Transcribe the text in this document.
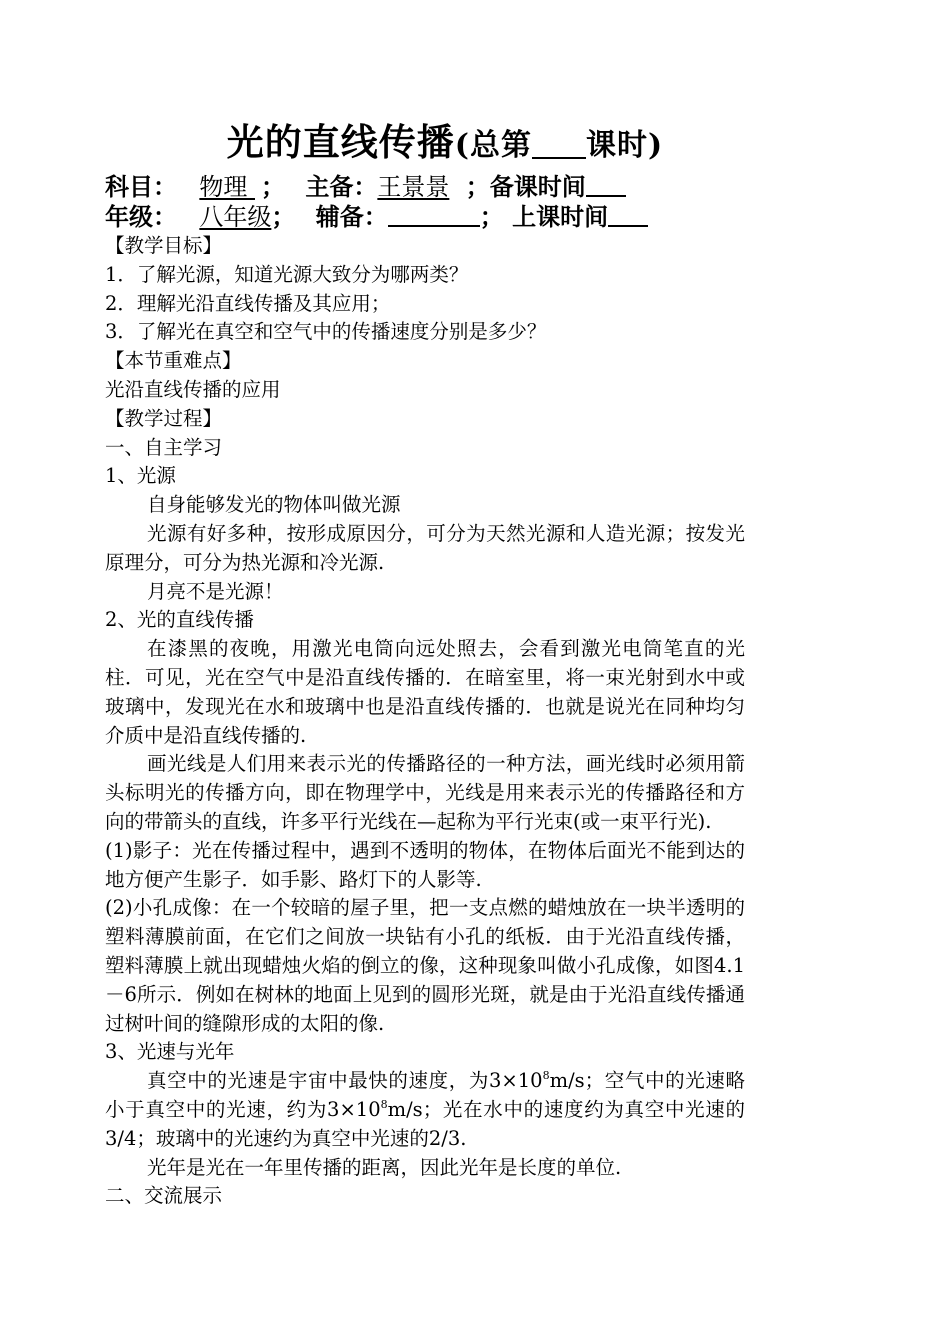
光的直线传播(总第 课时)
科目： 物理 ； 主备：王景景 ；备课时间
年级： 八年级； 辅备：	； 上课时间

【教学目标】

1．了解光源，知道光源大致分为哪两类？

2．理解光沿直线传播及其应用；

3．了解光在真空和空气中的传播速度分别是多少？

【本节重难点】

光沿直线传播的应用

【教学过程】

一、自主学习

1、光源

自身能够发光的物体叫做光源

光源有好多种，按形成原因分，可分为天然光源和人造光源；按发光原理分，可分为热光源和冷光源.

月亮不是光源！

2、光的直线传播

在漆黑的夜晚，用激光电筒向远处照去，会看到激光电筒笔直的光柱．可见，光在空气中是沿直线传播的．在暗室里，将一束光射到水中或玻璃中，发现光在水和玻璃中也是沿直线传播的．也就是说光在同种均匀介质中是沿直线传播的.

画光线是人们用来表示光的传播路径的一种方法，画光线时必须用箭头标明光的传播方向，即在物理学中，光线是用来表示光的传播路径和方向的带箭头的直线，许多平行光线在—起称为平行光束(或一束平行光).

(1)影子：光在传播过程中，遇到不透明的物体，在物体后面光不能到达的地方便产生影子．如手影、路灯下的人影等.

(2)小孔成像：在一个较暗的屋子里，把一支点燃的蜡烛放在一块半透明的塑料薄膜前面，在它们之间放一块钻有小孔的纸板．由于光沿直线传播，塑料薄膜上就出现蜡烛火焰的倒立的像，这种现象叫做小孔成像，如图4.1－6所示．例如在树林的地面上见到的圆形光斑，就是由于光沿直线传播通过树叶间的缝隙形成的太阳的像.

3、光速与光年

真空中的光速是宇宙中最快的速度，为$3\times 10^8m/s$；空气中的光速略小于真空中的光速，约为$3\times 10^8m/s$；光在水中的速度约为真空中光速的3/4；玻璃中的光速约为真空中光速的2/3.

光年是光在一年里传播的距离，因此光年是长度的单位.

二、交流展示
